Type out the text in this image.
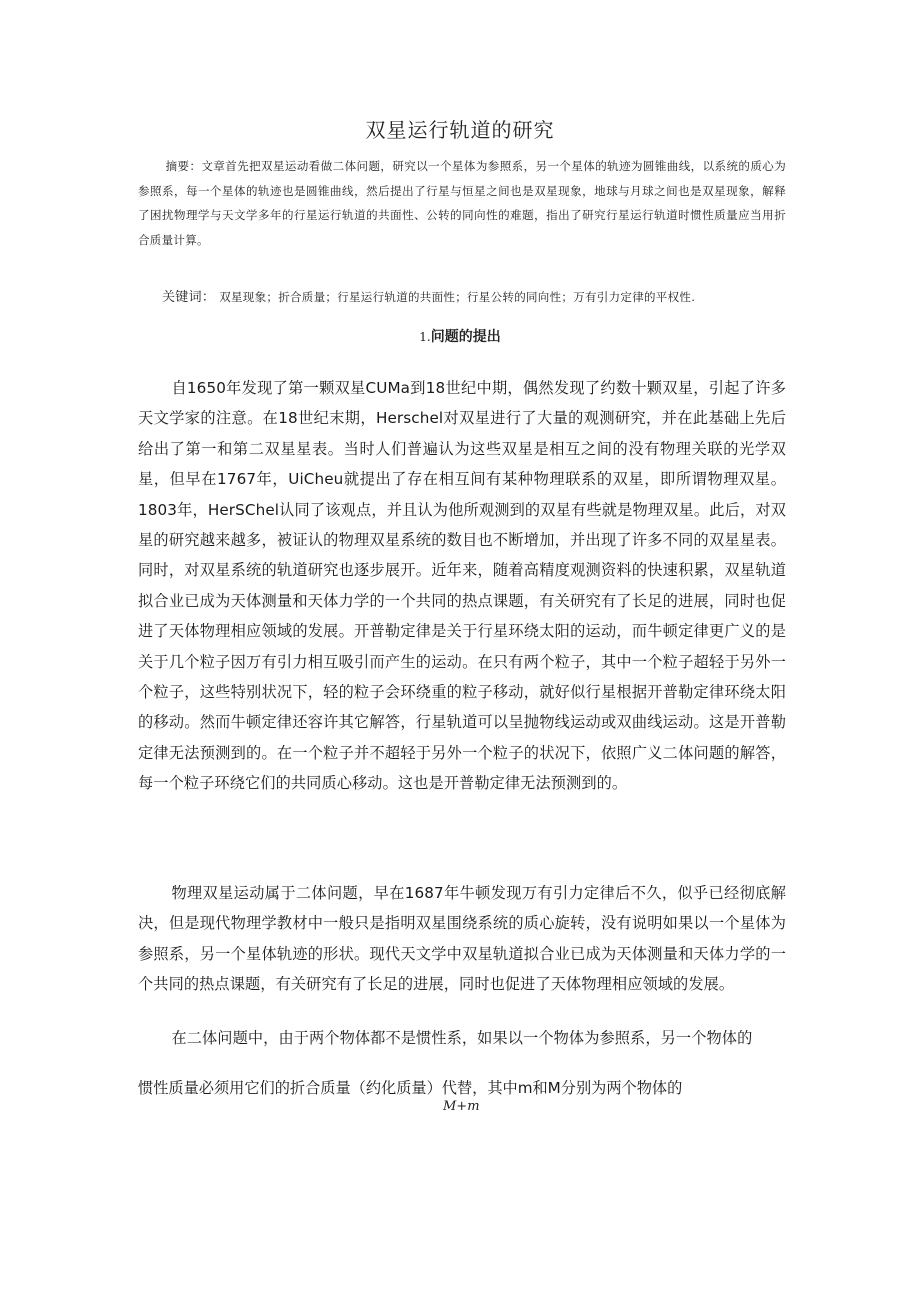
双星运行轨道的研究

摘要：文章首先把双星运动看做二体问题，研究以一个星体为参照系，另一个星体的轨迹为圆锥曲线，以系统的质心为参照系，每一个星体的轨迹也是圆锥曲线，然后提出了行星与恒星之间也是双星现象，地球与月球之间也是双星现象，解释了困扰物理学与天文学多年的行星运行轨道的共面性、公转的同向性的难题，指出了研究行星运行轨道时惯性质量应当用折合质量计算。

关键词： 双星现象；折合质量；行星运行轨道的共面性；行星公转的同向性；万有引力定律的平权性.
1.问题的提出

自1650年发现了第一颗双星CUMa到18世纪中期，偶然发现了约数十颗双星，引起了许多天文学家的注意。在18世纪末期，Herschel对双星进行了大量的观测研究，并在此基础上先后给出了第一和第二双星星表。当时人们普遍认为这些双星是相互之间的没有物理关联的光学双星，但早在1767年，UiCheu就提出了存在相互间有某种物理联系的双星，即所谓物理双星。1803年，HerSChel认同了该观点，并且认为他所观测到的双星有些就是物理双星。此后，对双星的研究越来越多，被证认的物理双星系统的数目也不断增加，并出现了许多不同的双星星表。同时，对双星系统的轨道研究也逐步展开。近年来，随着高精度观测资料的快速积累，双星轨道拟合业已成为天体测量和天体力学的一个共同的热点课题，有关研究有了长足的进展，同时也促进了天体物理相应领域的发展。开普勒定律是关于行星环绕太阳的运动，而牛顿定律更广义的是关于几个粒子因万有引力相互吸引而产生的运动。在只有两个粒子，其中一个粒子超轻于另外一个粒子，这些特别状况下，轻的粒子会环绕重的粒子移动，就好似行星根据开普勒定律环绕太阳的移动。然而牛顿定律还容许其它解答，行星轨道可以呈抛物线运动或双曲线运动。这是开普勒定律无法预测到的。在一个粒子并不超轻于另外一个粒子的状况下，依照广义二体问题的解答，每一个粒子环绕它们的共同质心移动。这也是开普勒定律无法预测到的。

物理双星运动属于二体问题，早在1687年牛顿发现万有引力定律后不久，似乎已经彻底解决，但是现代物理学教材中一般只是指明双星围绕系统的质心旋转，没有说明如果以一个星体为参照系，另一个星体轨迹的形状。现代天文学中双星轨道拟合业已成为天体测量和天体力学的一个共同的热点课题，有关研究有了长足的进展，同时也促进了天体物理相应领域的发展。

在二体问题中，由于两个物体都不是惯性系，如果以一个物体为参照系，另一个物体的

惯性质量必须用它们的折合质量（约化质量）代替，其中m和M分别为两个物体的

M+m
